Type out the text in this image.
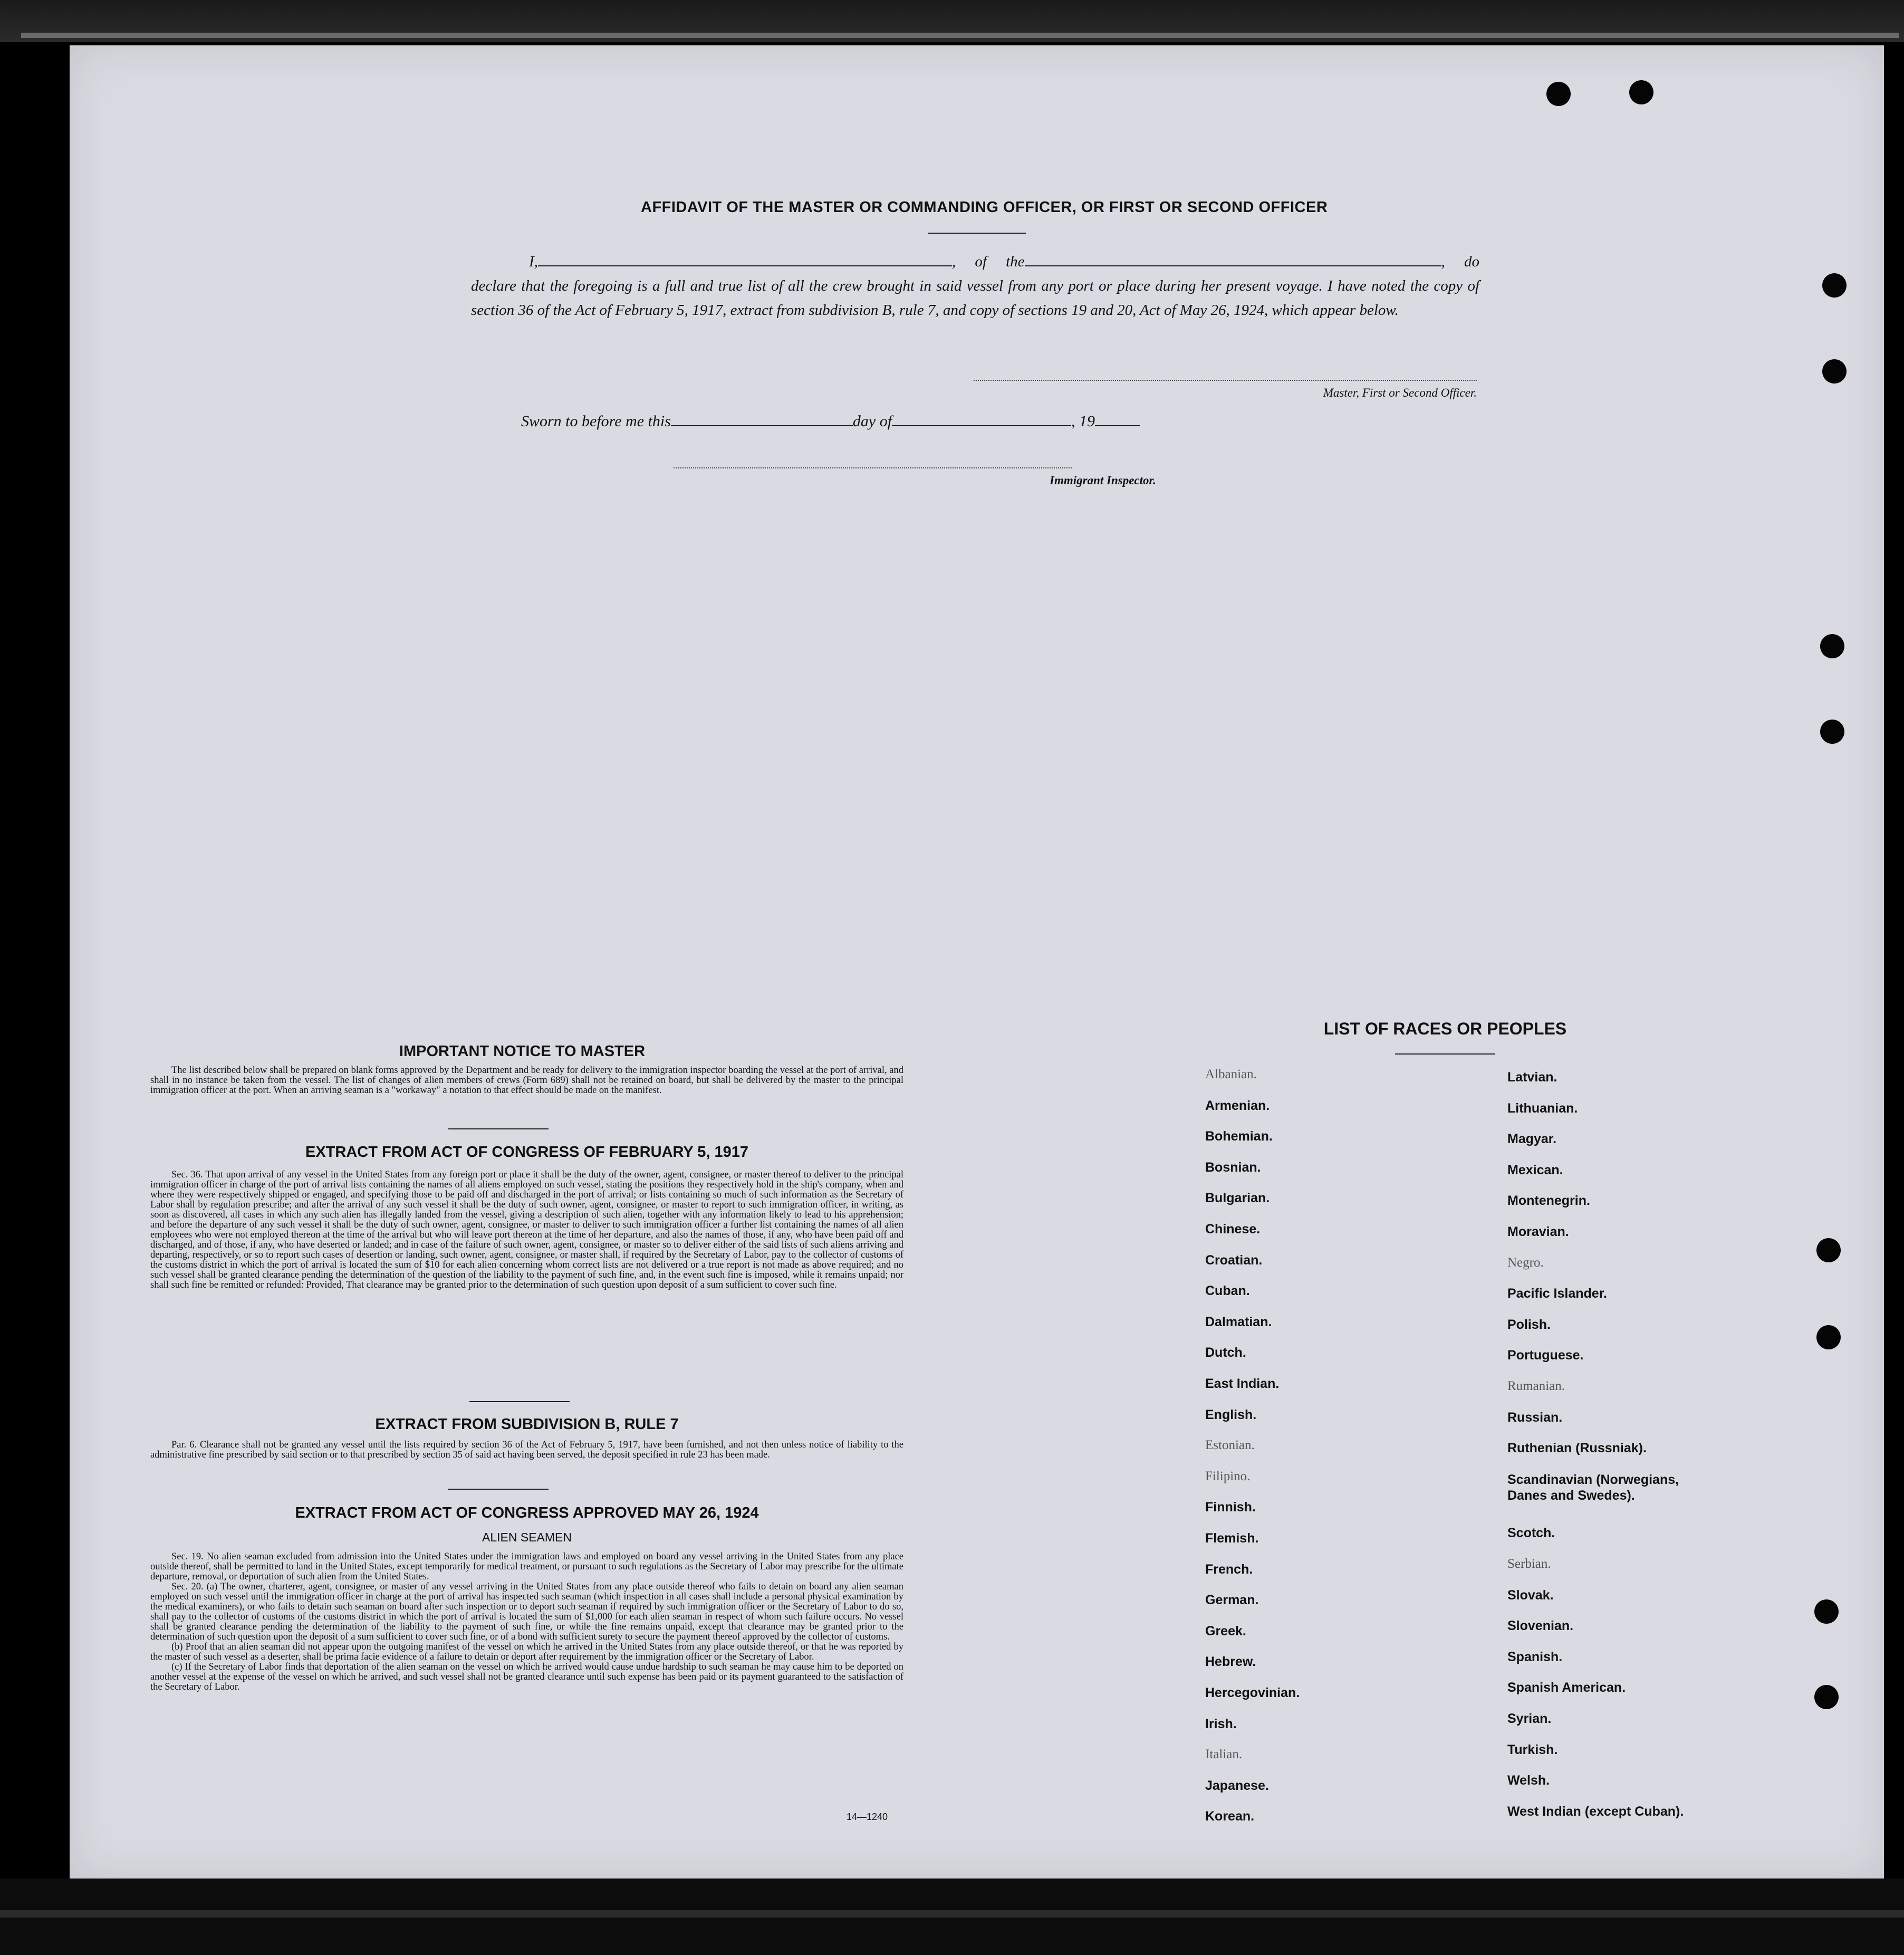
AFFIDAVIT OF THE MASTER OR COMMANDING OFFICER, OR FIRST OR SECOND OFFICER
I,	, of the	, do declare that the foregoing is a full and true list of all the crew brought in said vessel from any port or place during her present voyage. I have noted the copy of section 36 of the Act of February 5, 1917, extract from subdivision B, rule 7, and copy of sections 19 and 20, Act of May 26, 1924, which appear below.
Master, First or Second Officer.
Sworn to before me this	day of	, 19
Immigrant Inspector.
IMPORTANT NOTICE TO MASTER
The list described below shall be prepared on blank forms approved by the Department and be ready for delivery to the immigration inspector boarding the vessel at the port of arrival, and shall in no instance be taken from the vessel. The list of changes of alien members of crews (Form 689) shall not be retained on board, but shall be delivered by the master to the principal immigration officer at the port. When an arriving seaman is a "workaway" a notation to that effect should be made on the manifest.
EXTRACT FROM ACT OF CONGRESS OF FEBRUARY 5, 1917
Sec. 36. That upon arrival of any vessel in the United States from any foreign port or place it shall be the duty of the owner, agent, consignee, or master thereof to deliver to the principal immigration officer in charge of the port of arrival lists containing the names of all aliens employed on such vessel, stating the positions they respectively hold in the ship's company, when and where they were respectively shipped or engaged, and specifying those to be paid off and discharged in the port of arrival; or lists containing so much of such information as the Secretary of Labor shall by regulation prescribe; and after the arrival of any such vessel it shall be the duty of such owner, agent, consignee, or master to report to such immigration officer, in writing, as soon as discovered, all cases in which any such alien has illegally landed from the vessel, giving a description of such alien, together with any information likely to lead to his apprehension; and before the departure of any such vessel it shall be the duty of such owner, agent, consignee, or master to deliver to such immigration officer a further list containing the names of all alien employees who were not employed thereon at the time of the arrival but who will leave port thereon at the time of her departure, and also the names of those, if any, who have been paid off and discharged, and of those, if any, who have deserted or landed; and in case of the failure of such owner, agent, consignee, or master so to deliver either of the said lists of such aliens arriving and departing, respectively, or so to report such cases of desertion or landing, such owner, agent, consignee, or master shall, if required by the Secretary of Labor, pay to the collector of customs of the customs district in which the port of arrival is located the sum of $10 for each alien concerning whom correct lists are not delivered or a true report is not made as above required; and no such vessel shall be granted clearance pending the determination of the question of the liability to the payment of such fine, and, in the event such fine is imposed, while it remains unpaid; nor shall such fine be remitted or refunded: Provided, That clearance may be granted prior to the determination of such question upon deposit of a sum sufficient to cover such fine.
EXTRACT FROM SUBDIVISION B, RULE 7
Par. 6. Clearance shall not be granted any vessel until the lists required by section 36 of the Act of February 5, 1917, have been furnished, and not then unless notice of liability to the administrative fine prescribed by said section or to that prescribed by section 35 of said act having been served, the deposit specified in rule 23 has been made.
EXTRACT FROM ACT OF CONGRESS APPROVED MAY 26, 1924
ALIEN SEAMEN
Sec. 19. No alien seaman excluded from admission into the United States under the immigration laws and employed on board any vessel arriving in the United States from any place outside thereof, shall be permitted to land in the United States, except temporarily for medical treatment, or pursuant to such regulations as the Secretary of Labor may prescribe for the ultimate departure, removal, or deportation of such alien from the United States.
Sec. 20. (a) The owner, charterer, agent, consignee, or master of any vessel arriving in the United States from any place outside thereof who fails to detain on board any alien seaman employed on such vessel until the immigration officer in charge at the port of arrival has inspected such seaman (which inspection in all cases shall include a personal physical examination by the medical examiners), or who fails to detain such seaman on board after such inspection or to deport such seaman if required by such immigration officer or the Secretary of Labor to do so, shall pay to the collector of customs of the customs district in which the port of arrival is located the sum of $1,000 for each alien seaman in respect of whom such failure occurs. No vessel shall be granted clearance pending the determination of the liability to the payment of such fine, or while the fine remains unpaid, except that clearance may be granted prior to the determination of such question upon the deposit of a sum sufficient to cover such fine, or of a bond with sufficient surety to secure the payment thereof approved by the collector of customs.
(b) Proof that an alien seaman did not appear upon the outgoing manifest of the vessel on which he arrived in the United States from any place outside thereof, or that he was reported by the master of such vessel as a deserter, shall be prima facie evidence of a failure to detain or deport after requirement by the immigration officer or the Secretary of Labor.
(c) If the Secretary of Labor finds that deportation of the alien seaman on the vessel on which he arrived would cause undue hardship to such seaman he may cause him to be deported on another vessel at the expense of the vessel on which he arrived, and such vessel shall not be granted clearance until such expense has been paid or its payment guaranteed to the satisfaction of the Secretary of Labor.
14—1240
LIST OF RACES OR PEOPLES
Albanian.
Armenian.
Bohemian.
Bosnian.
Bulgarian.
Chinese.
Croatian.
Cuban.
Dalmatian.
Dutch.
East Indian.
English.
Estonian.
Filipino.
Finnish.
Flemish.
French.
German.
Greek.
Hebrew.
Hercegovinian.
Irish.
Italian.
Japanese.
Korean.
Latvian.
Lithuanian.
Magyar.
Mexican.
Montenegrin.
Moravian.
Negro.
Pacific Islander.
Polish.
Portuguese.
Rumanian.
Russian.
Ruthenian (Russniak).
Scandinavian (Norwegians,
Danes and Swedes).
Scotch.
Serbian.
Slovak.
Slovenian.
Spanish.
Spanish American.
Syrian.
Turkish.
Welsh.
West Indian (except Cuban).
